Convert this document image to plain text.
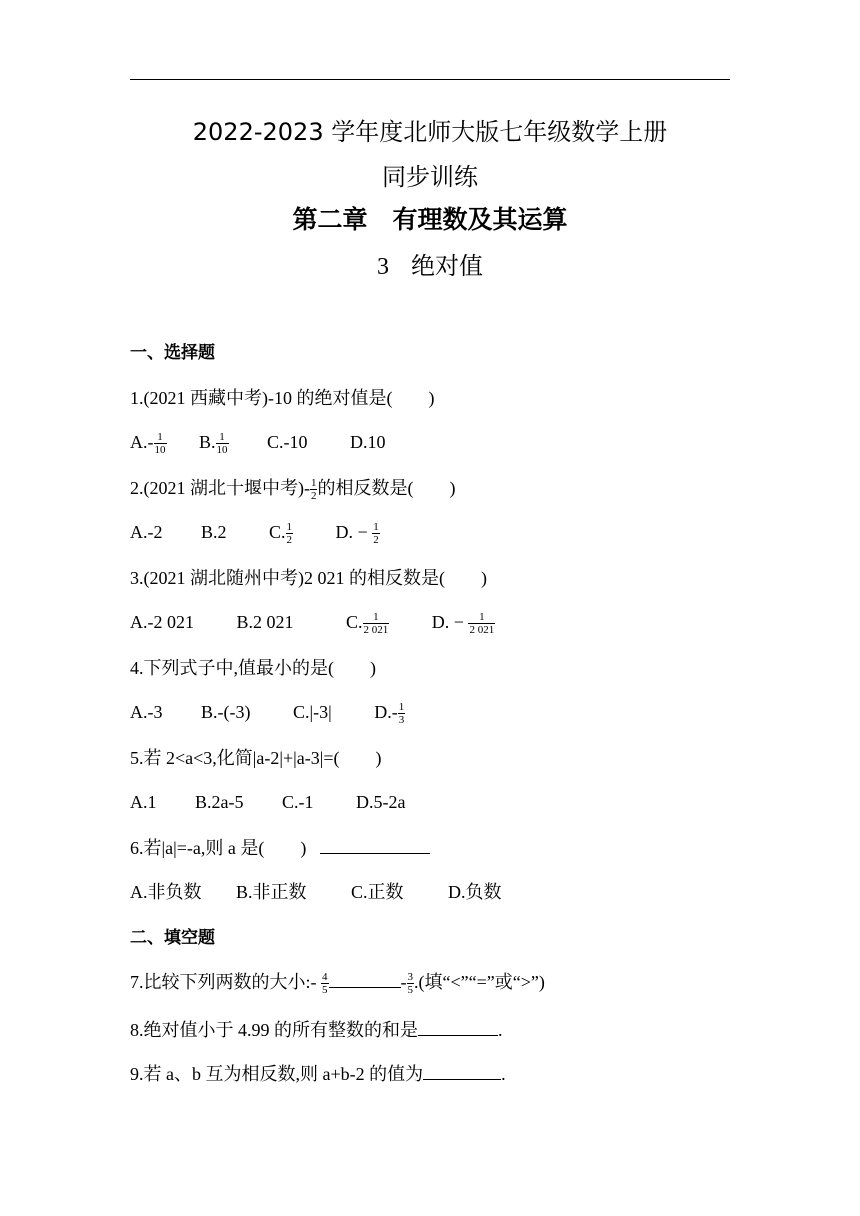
2022-2023 学年度北师大版七年级数学上册
同步训练
第二章　有理数及其运算
3 绝对值
一、选择题
1.(2021 西藏中考)-10 的绝对值是(　　)
$A.- \frac{1}{10} B$. $\frac{1}{10} C.-10$ D.10
2.(2021 湖北十堰中考)- $\frac{1}{2}$ 的相反数是(　　)
A.-2 B.2 C. $\frac{1}{2} D$. − $\frac{1}{2}$
3.(2021 湖北随州中考)2 021 的相反数是(　　)
A.-2 021 B.2 021	C. $\frac{1}{2 021} D$. − $\frac{1}{2 021}$
4.下列式子中,值最小的是(　　)
A.-3 B.-(-3) C.|-3| $D.- \frac{1}{3}$
5.若 2<a<3,化简|a-2|+|a-3|=(　　)
A.1 B.2a-5 C.-1 D.5-2a
6.若|a|=-a,则 a 是(　　)
A.非负数 B.非正数 C.正数 D.负数
二、填空题
7.比较下列两数的大小:- $\frac{4}{5}$	- $\frac{3}{5}$ .(填“<”“=”或“>”)
8.绝对值小于 4.99 的所有整数的和是	.
9.若 a、b 互为相反数,则 a+b-2 的值为	.
